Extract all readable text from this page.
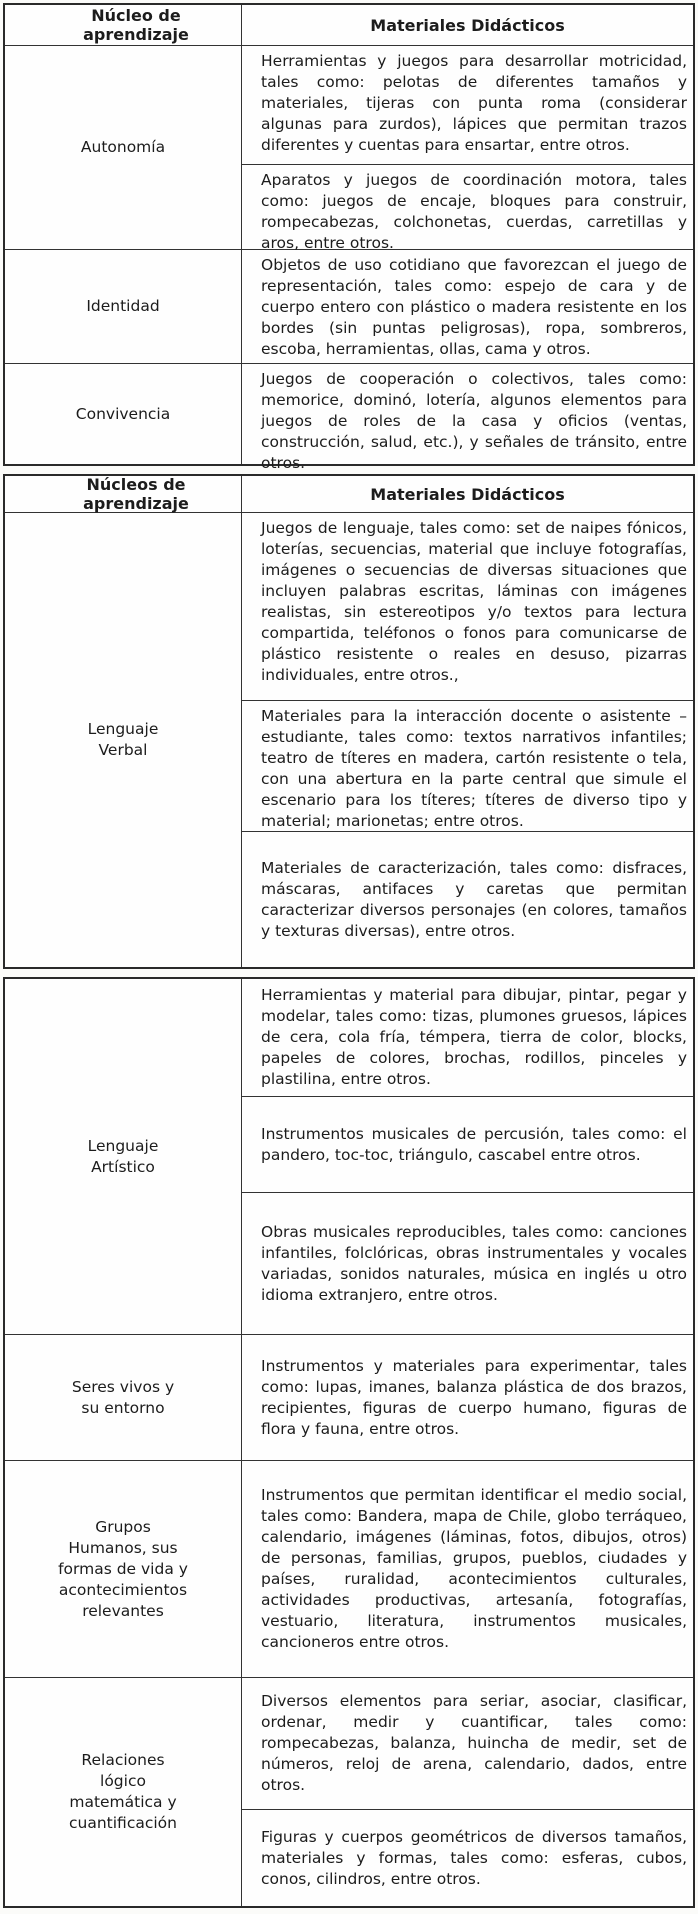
Núcleo de aprendizaje	Materiales Didácticos
Autonomía

Herramientas y juegos para desarrollar motricidad, tales como: pelotas de diferentes tamaños y materiales, tijeras con punta roma (considerar algunas para zurdos), lápices que permitan trazos diferentes y cuentas para ensartar, entre otros.

Aparatos y juegos de coordinación motora, tales como: juegos de encaje, bloques para construir, rompecabezas, colchonetas, cuerdas, carretillas y aros, entre otros.

Identidad

Objetos de uso cotidiano que favorezcan el juego de representación, tales como: espejo de cara y de cuerpo entero con plástico o madera resistente en los bordes (sin puntas peligrosas), ropa, sombreros, escoba, herramientas, ollas, cama y otros.

Convivencia

Juegos de cooperación o colectivos, tales como: memorice, dominó, lotería, algunos elementos para juegos de roles de la casa y oficios (ventas, construcción, salud, etc.), y señales de tránsito, entre otros.

Núcleos de aprendizaje	Materiales Didácticos
Lenguaje Verbal

Juegos de lenguaje, tales como: set de naipes fónicos, loterías, secuencias, material que incluye fotografías, imágenes o secuencias de diversas situaciones que incluyen palabras escritas, láminas con imágenes realistas, sin estereotipos y/o textos para lectura compartida, teléfonos o fonos para comunicarse de plástico resistente o reales en desuso, pizarras individuales, entre otros.,

Materiales para la interacción docente o asistente – estudiante, tales como: textos narrativos infantiles; teatro de títeres en madera, cartón resistente o tela, con una abertura en la parte central que simule el escenario para los títeres; títeres de diverso tipo y material; marionetas; entre otros.

Materiales de caracterización, tales como: disfraces, máscaras, antifaces y caretas que permitan caracterizar diversos personajes (en colores, tamaños y texturas diversas), entre otros.

Lenguaje Artístico

Herramientas y material para dibujar, pintar, pegar y modelar, tales como: tizas, plumones gruesos, lápices de cera, cola fría, témpera, tierra de color, blocks, papeles de colores, brochas, rodillos, pinceles y plastilina, entre otros.

Instrumentos musicales de percusión, tales como: el pandero, toc-toc, triángulo, cascabel entre otros.

Obras musicales reproducibles, tales como: canciones infantiles, folclóricas, obras instrumentales y vocales variadas, sonidos naturales, música en inglés u otro idioma extranjero, entre otros.

Seres vivos y su entorno

Instrumentos y materiales para experimentar, tales como: lupas, imanes, balanza plástica de dos brazos, recipientes, figuras de cuerpo humano, figuras de flora y fauna, entre otros.

Grupos Humanos, sus formas de vida y acontecimientos relevantes

Instrumentos que permitan identificar el medio social, tales como: Bandera, mapa de Chile, globo terráqueo, calendario, imágenes (láminas, fotos, dibujos, otros) de personas, familias, grupos, pueblos, ciudades y países, ruralidad, acontecimientos culturales, actividades productivas, artesanía, fotografías, vestuario, literatura, instrumentos musicales, cancioneros entre otros.

Relaciones lógico matemática y cuantificación

Diversos elementos para seriar, asociar, clasificar, ordenar, medir y cuantificar, tales como: rompecabezas, balanza, huincha de medir, set de números, reloj de arena, calendario, dados, entre otros.

Figuras y cuerpos geométricos de diversos tamaños, materiales y formas, tales como: esferas, cubos, conos, cilindros, entre otros.
